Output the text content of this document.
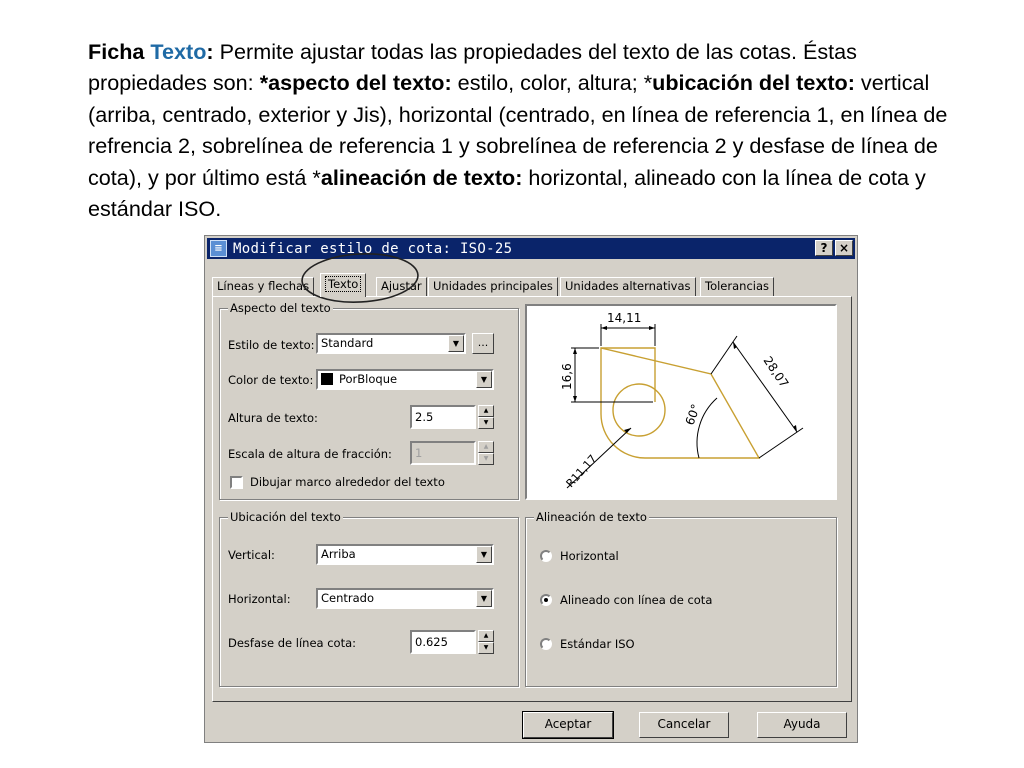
Ficha Texto: Permite ajustar todas las propiedades del texto de las cotas. Éstas propiedades son: *aspecto del texto: estilo, color, altura; *ubicación del texto: vertical (arriba, centrado, exterior y Jis), horizontal (centrado, en línea de referencia 1, en línea de refrencia 2, sobrelínea de referencia 1 y sobrelínea de referencia 2 y desfase de línea de cota), y por último está *alineación de texto: horizontal, alineado con la línea de cota y estándar ISO.
≡ Modificar estilo de cota: ISO-25	? ×
Líneas y flechas	Texto	Ajustar Unidades principales	Unidades alternativas	Tolerancias
Aspecto del texto
Estilo de texto: Standard	▼	...
Color de texto:	PorBloque	▼
Altura de texto:	2.5	▲
▼
Escala de altura de fracción:	1	▲
▼
Dibujar marco alrededor del texto
14,11
16,6	28,07
60°
R11,17
Ubicación del texto
Vertical:	Arriba	▼
Horizontal:	Centrado	▼
Desfase de línea cota:	0.625	▲
▼
Alineación de texto
Horizontal
Alineado con línea de cota
Estándar ISO
Aceptar	Cancelar	Ayuda
